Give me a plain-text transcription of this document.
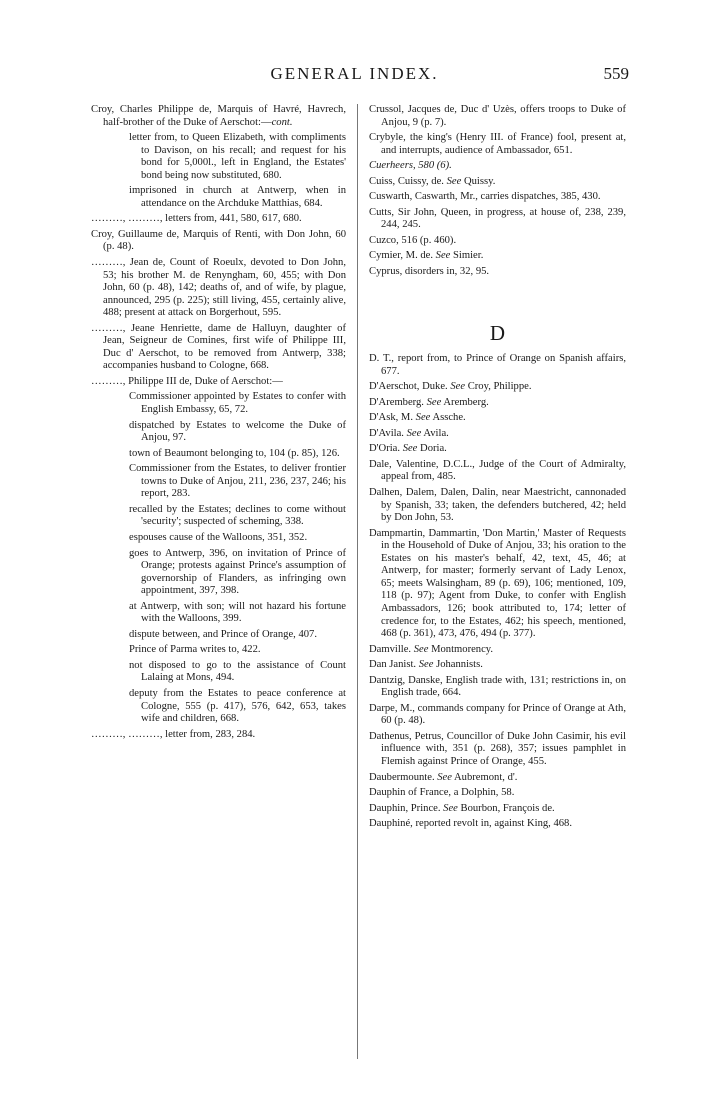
GENERAL INDEX.	559
Croy, Charles Philippe de, Marquis of Havré, Havrech, half-brother of the Duke of Aerschot:—cont.
letter from, to Queen Elizabeth, with compliments to Davison, on his recall; and request for his bond for 5,000l., left in England, the Estates' bond being now substituted, 680.
imprisoned in church at Antwerp, when in attendance on the Archduke Matthias, 684.
………, ………, letters from, 441, 580, 617, 680.
Croy, Guillaume de, Marquis of Renti, with Don John, 60 (p. 48).
………, Jean de, Count of Roeulx, devoted to Don John, 53; his brother M. de Renyngham, 60, 455; with Don John, 60 (p. 48), 142; deaths of, and of wife, by plague, announced, 295 (p. 225); still living, 455, certainly alive, 488; present at attack on Borgerhout, 595.
………, Jeane Henriette, dame de Halluyn, daughter of Jean, Seigneur de Comines, first wife of Philippe III, Duc d' Aerschot, to be removed from Antwerp, 338; accompanies husband to Cologne, 668.
………, Philippe III de, Duke of Aerschot:—
Commissioner appointed by Estates to confer with English Embassy, 65, 72.
dispatched by Estates to welcome the Duke of Anjou, 97.
town of Beaumont belonging to, 104 (p. 85), 126.
Commissioner from the Estates, to deliver frontier towns to Duke of Anjou, 211, 236, 237, 246; his report, 283.
recalled by the Estates; declines to come without 'security'; suspected of scheming, 338.
espouses cause of the Walloons, 351, 352.
goes to Antwerp, 396, on invitation of Prince of Orange; protests against Prince's assumption of governorship of Flanders, as infringing own appointment, 397, 398.
at Antwerp, with son; will not hazard his fortune with the Walloons, 399.
dispute between, and Prince of Orange, 407.
Prince of Parma writes to, 422.
not disposed to go to the assistance of Count Lalaing at Mons, 494.
deputy from the Estates to peace conference at Cologne, 555 (p. 417), 576, 642, 653, takes wife and children, 668.
………, ………, letter from, 283, 284.
Crussol, Jacques de, Duc d' Uzès, offers troops to Duke of Anjou, 9 (p. 7).
Crybyle, the king's (Henry III. of France) fool, present at, and interrupts, audience of Ambassador, 651.
Cuerheers, 580 (6).
Cuiss, Cuissy, de. See Quissy.
Cuswarth, Caswarth, Mr., carries dispatches, 385, 430.
Cutts, Sir John, Queen, in progress, at house of, 238, 239, 244, 245.
Cuzco, 516 (p. 460).
Cymier, M. de. See Simier.
Cyprus, disorders in, 32, 95.
D
D. T., report from, to Prince of Orange on Spanish affairs, 677.
D'Aerschot, Duke. See Croy, Philippe.
D'Aremberg. See Aremberg.
D'Ask, M. See Assche.
D'Avila. See Avila.
D'Oria. See Doria.
Dale, Valentine, D.C.L., Judge of the Court of Admiralty, appeal from, 485.
Dalhen, Dalem, Dalen, Dalin, near Maestricht, cannonaded by Spanish, 33; taken, the defenders butchered, 42; held by Don John, 53.
Dampmartin, Dammartin, 'Don Martin,' Master of Requests in the Household of Duke of Anjou, 33; his oration to the Estates on his master's behalf, 42, text, 45, 46; at Antwerp, for master; formerly servant of Lady Lenox, 65; meets Walsingham, 89 (p. 69), 106; mentioned, 109, 118 (p. 97); Agent from Duke, to confer with English Ambassadors, 126; book attributed to, 174; letter of credence for, to the Estates, 462; his speech, mentioned, 468 (p. 361), 473, 476, 494 (p. 377).
Damville. See Montmorency.
Dan Janist. See Johannists.
Dantzig, Danske, English trade with, 131; restrictions in, on English trade, 664.
Darpe, M., commands company for Prince of Orange at Ath, 60 (p. 48).
Dathenus, Petrus, Councillor of Duke John Casimir, his evil influence with, 351 (p. 268), 357; issues pamphlet in Flemish against Prince of Orange, 455.
Daubermounte. See Aubremont, d'.
Dauphin of France, a Dolphin, 58.
Dauphin, Prince. See Bourbon, François de.
Dauphiné, reported revolt in, against King, 468.
